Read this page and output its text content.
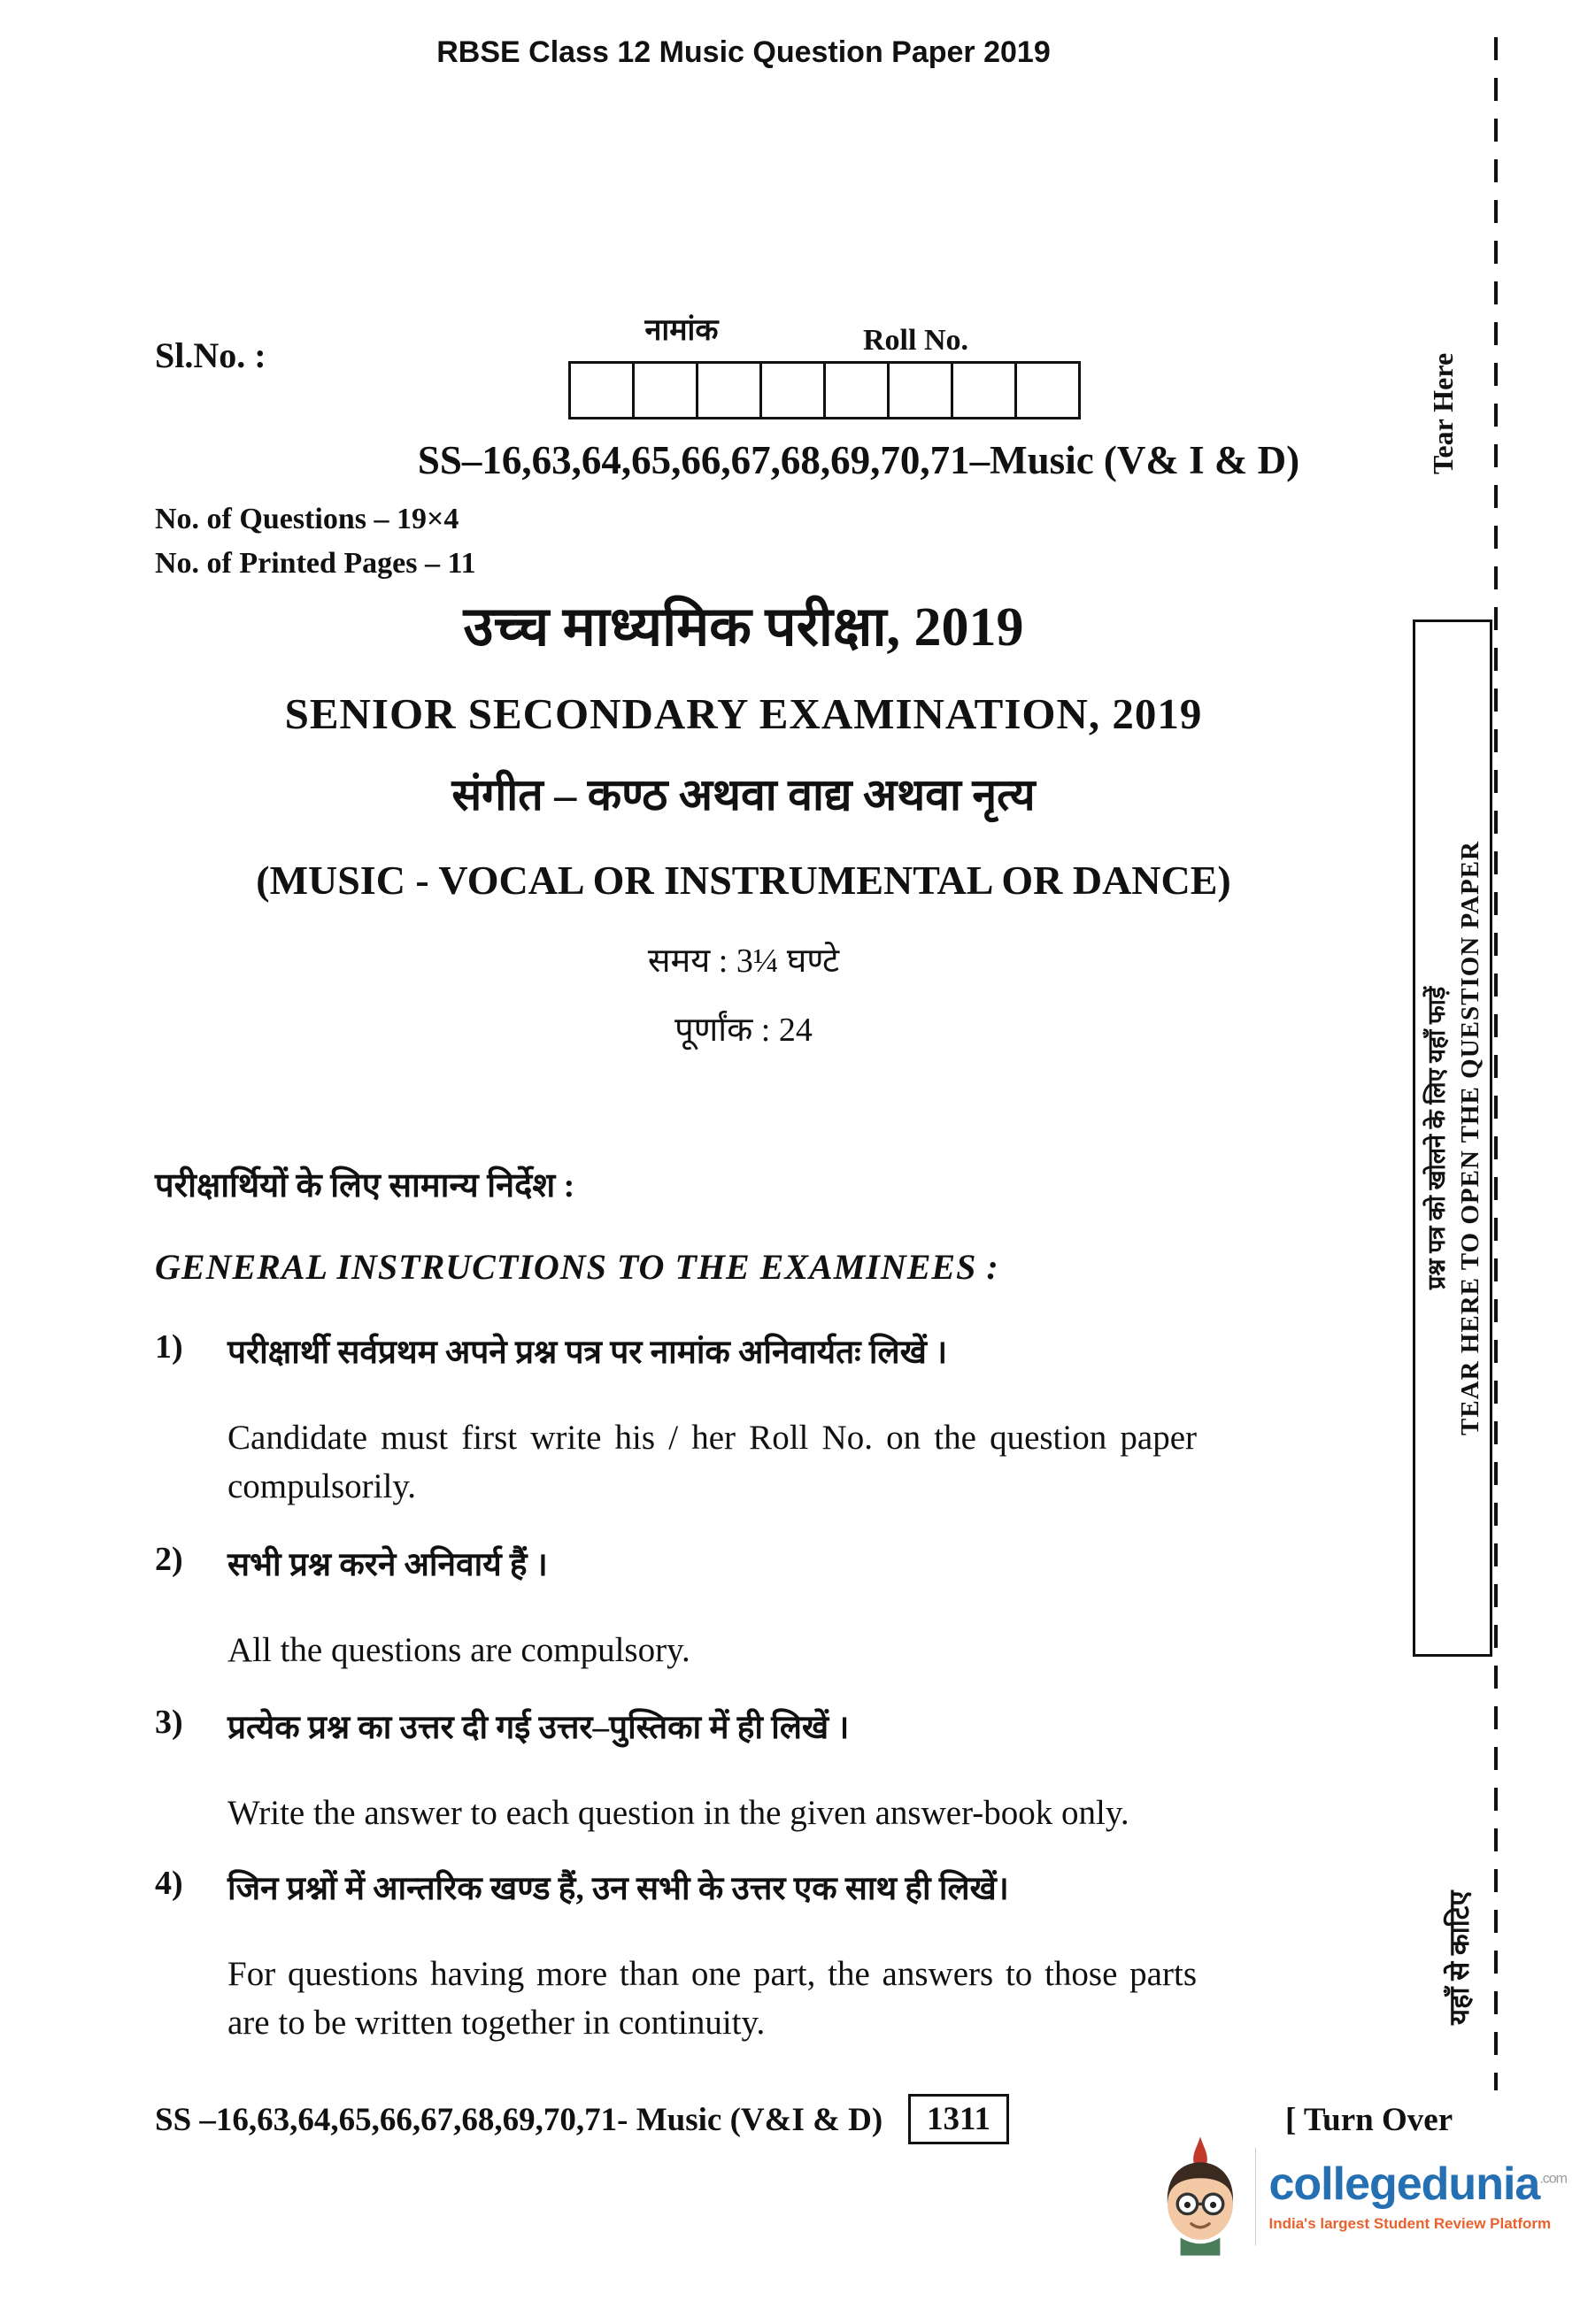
RBSE Class 12 Music Question Paper 2019
Sl.No. :
नामांक	Roll No.
SS–16,63,64,65,66,67,68,69,70,71–Music (V& I & D)
No. of Questions – 19×4
No. of Printed Pages – 11
उच्च माध्यमिक परीक्षा, 2019
SENIOR SECONDARY EXAMINATION, 2019
संगीत – कण्ठ अथवा वाद्य अथवा नृत्य
(MUSIC - VOCAL OR INSTRUMENTAL OR DANCE)
समय : 3¼ घण्टे
पूर्णांक : 24
परीक्षार्थियों के लिए सामान्य निर्देश :
GENERAL INSTRUCTIONS TO THE EXAMINEES :
1)	परीक्षार्थी सर्वप्रथम अपने प्रश्न पत्र पर नामांक अनिवार्यतः लिखें ।
Candidate must first write his / her Roll No. on the question paper compulsorily.
2)	सभी प्रश्न करने अनिवार्य हैं ।
All the questions are compulsory.
3)	प्रत्येक प्रश्न का उत्तर दी गई उत्तर–पुस्तिका में ही लिखें ।
Write the answer to each question in the given answer-book only.
4)	जिन प्रश्नों में आन्तरिक खण्ड हैं, उन सभी के उत्तर एक साथ ही लिखें।
For questions having more than one part, the answers to those parts are to be written together in continuity.
SS –16,63,64,65,66,67,68,69,70,71- Music (V&I & D)	1311	[ Turn Over
Tear Here
प्रश्न पत्र को खोलने के लिए यहाँ फाड़ें TEAR HERE TO OPEN THE QUESTION PAPER
यहाँ से काटिए
collegedunia$^{.com}$
India's largest Student Review Platform
